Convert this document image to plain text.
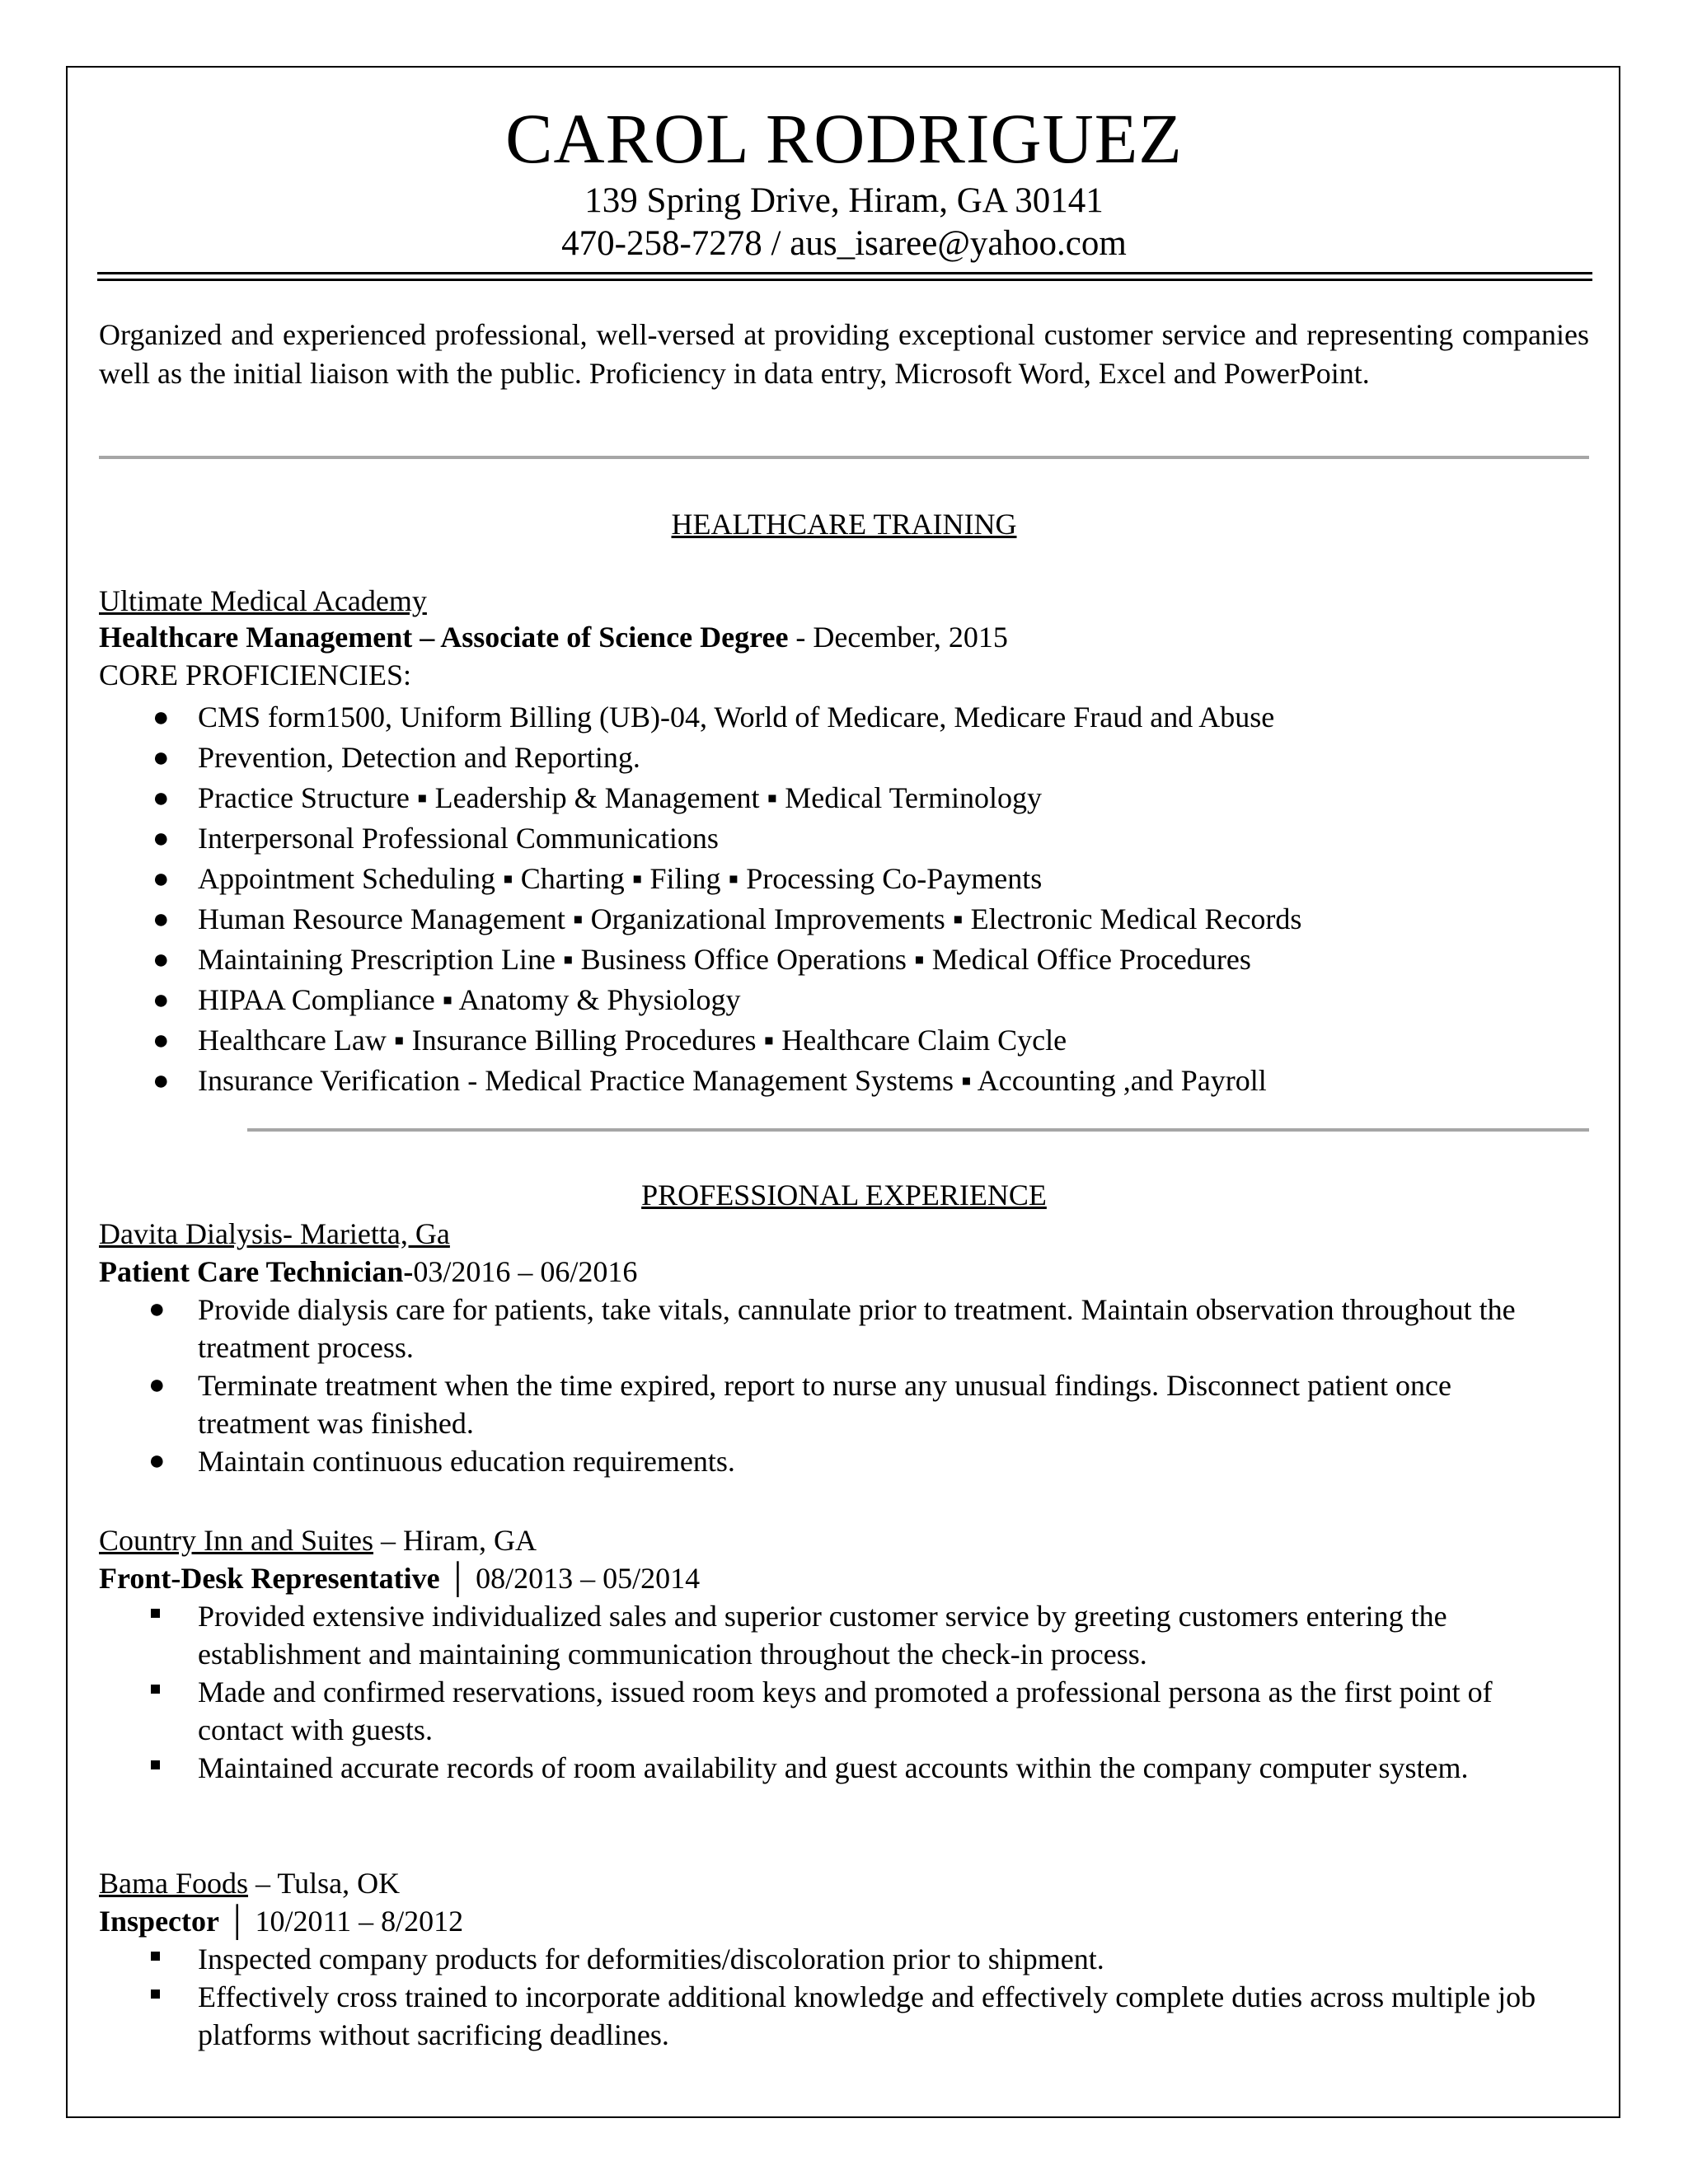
CAROL RODRIGUEZ
139 Spring Drive, Hiram, GA 30141
470-258-7278 / aus_isaree@yahoo.com

Organized and experienced professional, well-versed at providing exceptional customer service and representing companies well as the initial liaison with the public. Proficiency in data entry, Microsoft Word, Excel and PowerPoint.

HEALTHCARE TRAINING
Ultimate Medical Academy
Healthcare Management – Associate of Science Degree - December, 2015
CORE PROFICIENCIES:
● CMS form1500, Uniform Billing (UB)-04, World of Medicare, Medicare Fraud and Abuse
● Prevention, Detection and Reporting.
● Practice Structure ▪ Leadership & Management ▪ Medical Terminology
● Interpersonal Professional Communications
● Appointment Scheduling ▪ Charting ▪ Filing ▪ Processing Co-Payments
● Human Resource Management ▪ Organizational Improvements ▪ Electronic Medical Records
● Maintaining Prescription Line ▪ Business Office Operations ▪ Medical Office Procedures
● HIPAA Compliance ▪ Anatomy & Physiology
● Healthcare Law ▪ Insurance Billing Procedures ▪ Healthcare Claim Cycle
● Insurance Verification - Medical Practice Management Systems ▪ Accounting ,and Payroll
PROFESSIONAL EXPERIENCE
Davita Dialysis- Marietta, Ga
Patient Care Technician-03/2016 – 06/2016
● Provide dialysis care for patients, take vitals, cannulate prior to treatment. Maintain observation throughout the treatment process.
● Terminate treatment when the time expired, report to nurse any unusual findings. Disconnect patient once treatment was finished.
● Maintain continuous education requirements.
Country Inn and Suites – Hiram, GA
Front-Desk Representative │ 08/2013 – 05/2014
Provided extensive individualized sales and superior customer service by greeting customers entering the establishment and maintaining communication throughout the check-in process.
Made and confirmed reservations, issued room keys and promoted a professional persona as the first point of contact with guests.
Maintained accurate records of room availability and guest accounts within the company computer system.
Bama Foods – Tulsa, OK
Inspector │ 10/2011 – 8/2012
Inspected company products for deformities/discoloration prior to shipment.
Effectively cross trained to incorporate additional knowledge and effectively complete duties across multiple job platforms without sacrificing deadlines.
